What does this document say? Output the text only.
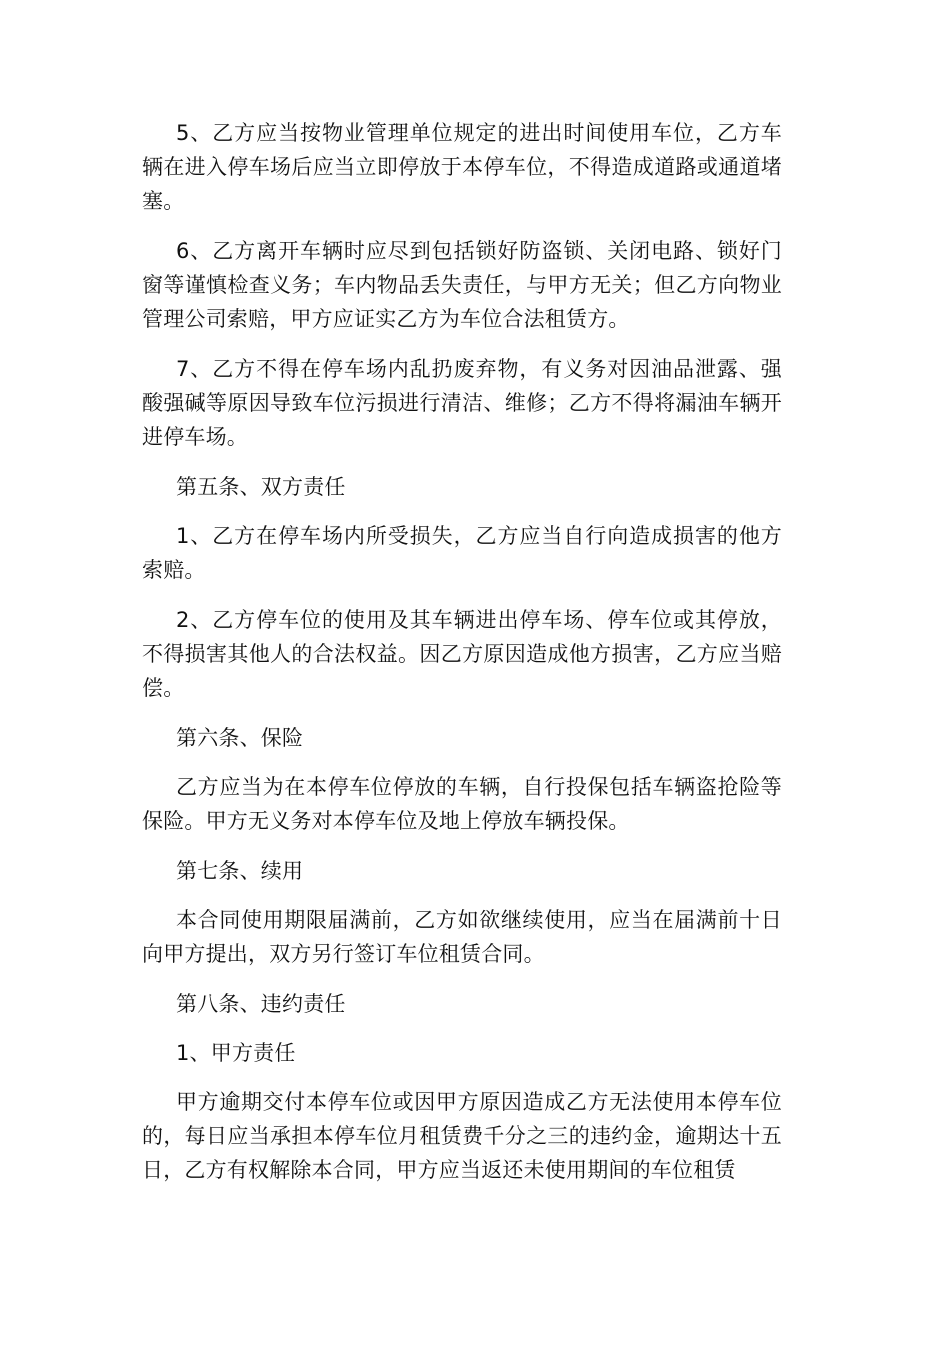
5、乙方应当按物业管理单位规定的进出时间使用车位，乙方车辆在进入停车场后应当立即停放于本停车位，不得造成道路或通道堵塞。

6、乙方离开车辆时应尽到包括锁好防盗锁、关闭电路、锁好门窗等谨慎检查义务；车内物品丢失责任，与甲方无关；但乙方向物业管理公司索赔，甲方应证实乙方为车位合法租赁方。

7、乙方不得在停车场内乱扔废弃物，有义务对因油品泄露、强酸强碱等原因导致车位污损进行清洁、维修；乙方不得将漏油车辆开进停车场。

第五条、双方责任

1、乙方在停车场内所受损失，乙方应当自行向造成损害的他方索赔。

2、乙方停车位的使用及其车辆进出停车场、停车位或其停放，不得损害其他人的合法权益。因乙方原因造成他方损害，乙方应当赔偿。

第六条、保险

乙方应当为在本停车位停放的车辆，自行投保包括车辆盗抢险等保险。甲方无义务对本停车位及地上停放车辆投保。

第七条、续用

本合同使用期限届满前，乙方如欲继续使用，应当在届满前十日向甲方提出，双方另行签订车位租赁合同。

第八条、违约责任

1、甲方责任

甲方逾期交付本停车位或因甲方原因造成乙方无法使用本停车位的，每日应当承担本停车位月租赁费千分之三的违约金，逾期达十五日，乙方有权解除本合同，甲方应当返还未使用期间的车位租赁
